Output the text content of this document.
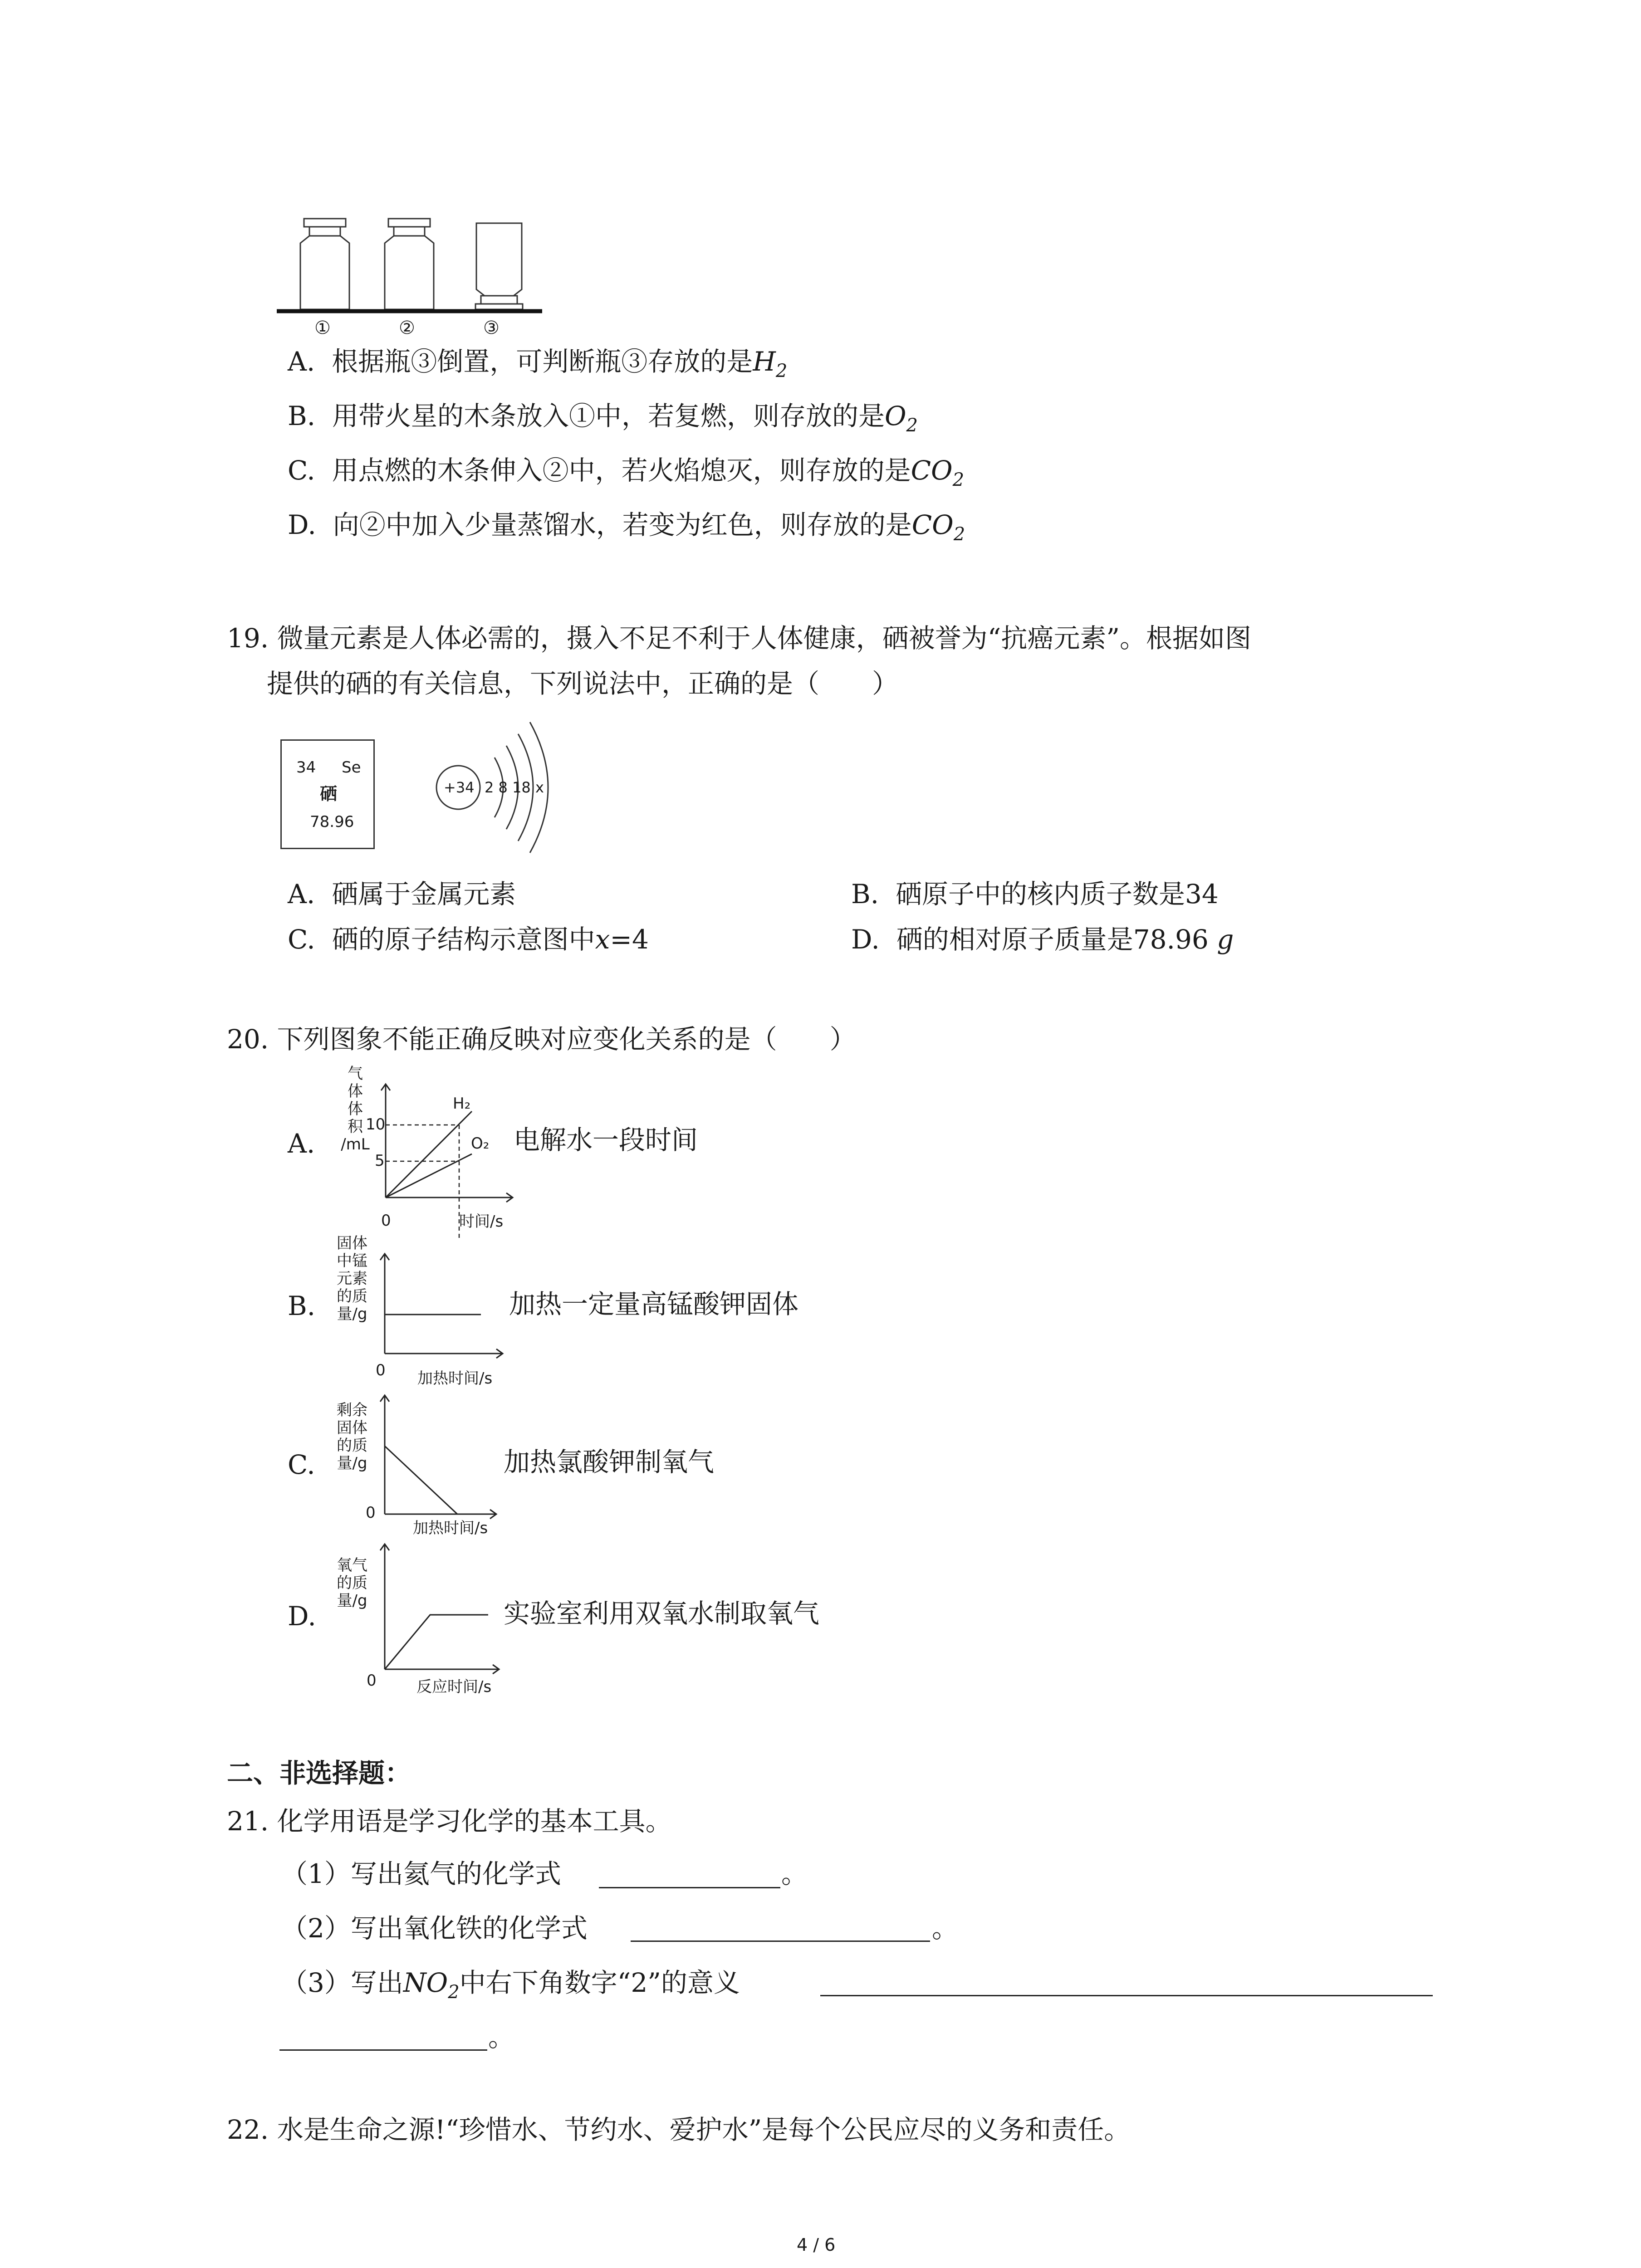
①	②	③
A. 根据瓶③倒置，可判断瓶③存放的是$H_2$
B. 用带火星的木条放入①中，若复燃，则存放的是$O_2$
C. 用点燃的木条伸入②中，若火焰熄灭，则存放的是$CO_2$
D. 向②中加入少量蒸馏水，若变为红色，则存放的是$CO_2$
19. 微量元素是人体必需的，摄入不足不利于人体健康，硒被誉为“抗癌元素”。根据如图
提供的硒的有关信息，下列说法中，正确的是（　　）
34 Se
硒
78.96
+34 2 8 18 x
A. 硒属于金属元素	B. 硒原子中的核内质子数是34
C. 硒的原子结构示意图中x=4	D. 硒的相对原子质量是78.96 g
20. 下列图象不能正确反映对应变化关系的是（　　）
A.
气
体
体
积
/mL
10
5
0
H₂
O₂
时间/s
电解水一段时间
B.
固体
中锰
元素
的质
量/g
0 加热时间/s
加热一定量高锰酸钾固体
C.
剩余
固体
的质
量/g
0
加热时间/s
加热氯酸钾制氧气
D.
氧气
的质
量/g
0	反应时间/s
实验室利用双氧水制取氧气
二、非选择题：
21. 化学用语是学习化学的基本工具。
（1）写出氦气的化学式	。
（2）写出氧化铁的化学式	。
（3）写出$NO_2$中右下角数字“2”的意义
。
22. 水是生命之源!“珍惜水、节约水、爱护水”是每个公民应尽的义务和责任。
4 / 6
